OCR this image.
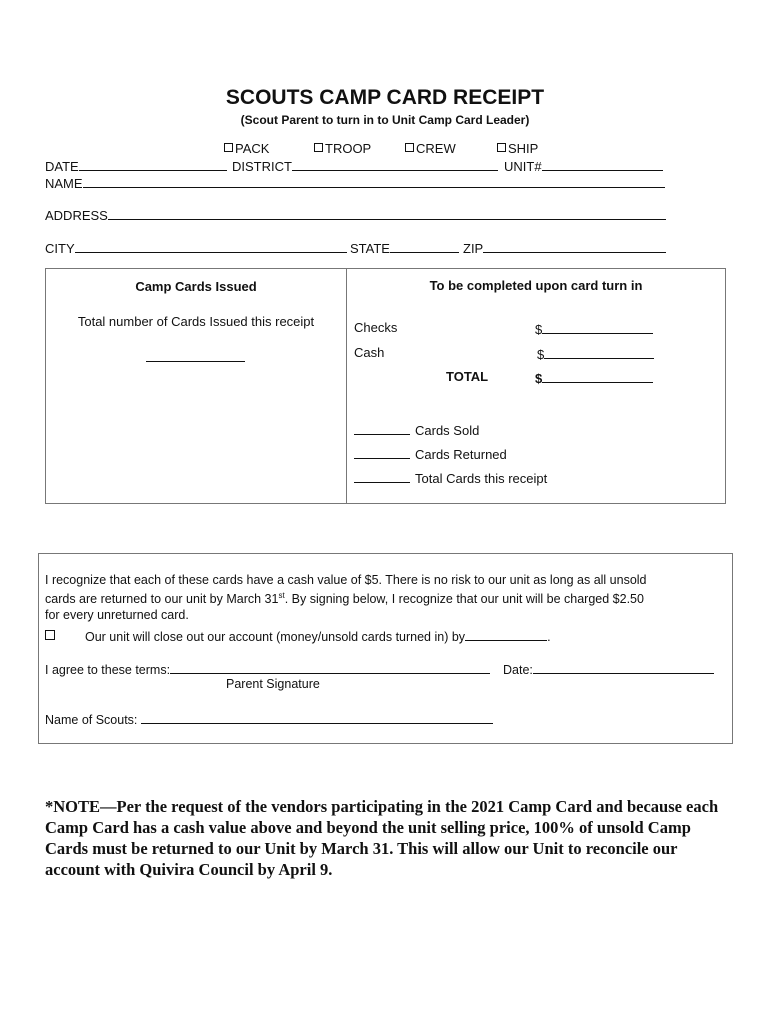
SCOUTS CAMP CARD RECEIPT
(Scout Parent to turn in to Unit Camp Card Leader)
PACK	TROOP	CREW	SHIP
DATE	DISTRICT	UNIT#
NAME
ADDRESS
CITY	STATE	ZIP
Camp Cards Issued
Total number of Cards Issued this receipt
To be completed upon card turn in
Checks	$
Cash	$
TOTAL	$
Cards Sold
Cards Returned
Total Cards this receipt
I recognize that each of these cards have a cash value of $5. There is no risk to our unit as long as all unsold
cards are returned to our unit by March 31st. By signing below, I recognize that our unit will be charged $2.50
for every unreturned card.
Our unit will close out our account (money/unsold cards turned in) by	.
I agree to these terms:	Date:
Parent Signature
Name of Scouts:
*NOTE—Per the request of the vendors participating in the 2021 Camp Card and because each Camp Card has a cash value above and beyond the unit selling price, 100% of unsold Camp Cards must be returned to our Unit by March 31. This will allow our Unit to reconcile our account with Quivira Council by April 9.
